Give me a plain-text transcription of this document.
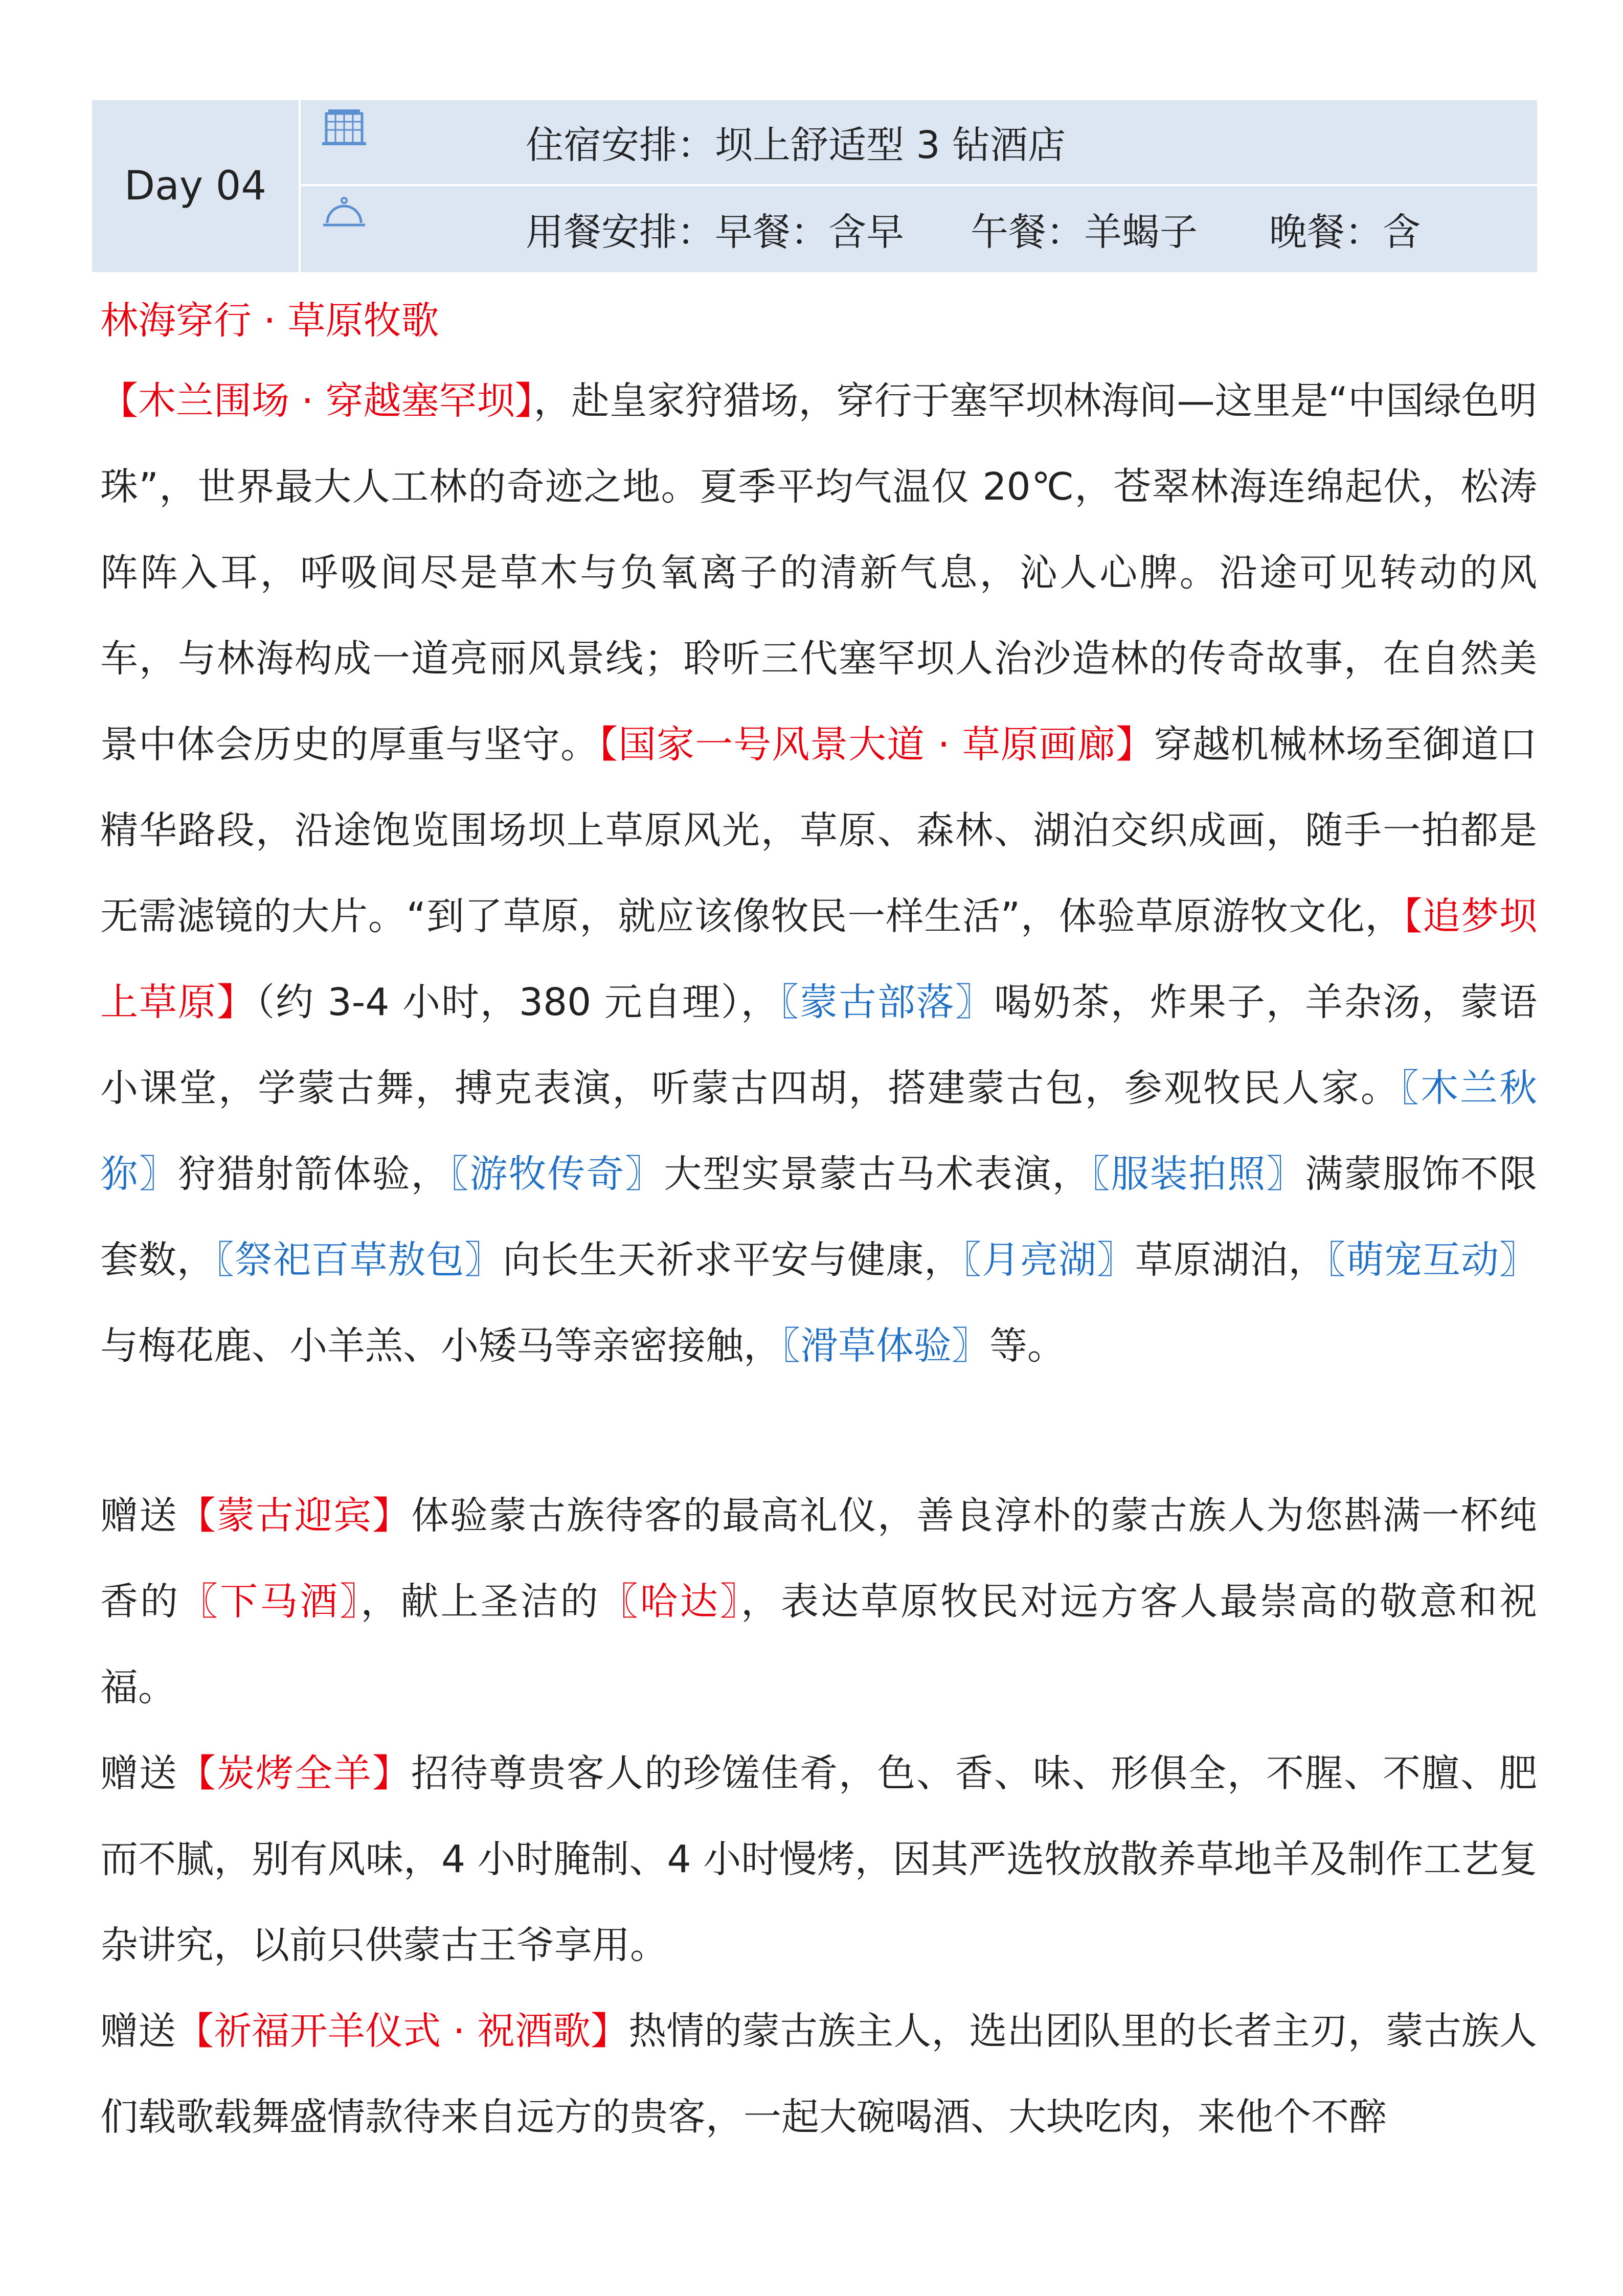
Day 04
住宿安排：坝上舒适型 3 钻酒店
用餐安排：早餐：含早 午餐：羊蝎子 晚餐：含
林海穿行 · 草原牧歌
【木兰围场 · 穿越塞罕坝】，赴皇家狩猎场，穿行于塞罕坝林海间—这里是“中国绿色明珠”，世界最大人工林的奇迹之地。夏季平均气温仅 20℃，苍翠林海连绵起伏，松涛阵阵入耳，呼吸间尽是草木与负氧离子的清新气息，沁人心脾。沿途可见转动的风车，与林海构成一道亮丽风景线；聆听三代塞罕坝人治沙造林的传奇故事，在自然美景中体会历史的厚重与坚守。【国家一号风景大道 · 草原画廊】穿越机械林场至御道口精华路段，沿途饱览围场坝上草原风光，草原、森林、湖泊交织成画，随手一拍都是无需滤镜的大片。“到了草原，就应该像牧民一样生活”，体验草原游牧文化，【追梦坝上草原】（约 3-4 小时，380 元自理），〖蒙古部落〗喝奶茶，炸果子，羊杂汤，蒙语小课堂，学蒙古舞，搏克表演，听蒙古四胡，搭建蒙古包，参观牧民人家。〖木兰秋狝〗狩猎射箭体验，〖游牧传奇〗大型实景蒙古马术表演，〖服装拍照〗满蒙服饰不限套数，〖祭祀百草敖包〗向长生天祈求平安与健康，〖月亮湖〗草原湖泊，〖萌宠互动〗与梅花鹿、小羊羔、小矮马等亲密接触，〖滑草体验〗等。
赠送【蒙古迎宾】体验蒙古族待客的最高礼仪，善良淳朴的蒙古族人为您斟满一杯纯香的〖下马酒〗，献上圣洁的〖哈达〗，表达草原牧民对远方客人最崇高的敬意和祝福。
赠送【炭烤全羊】招待尊贵客人的珍馐佳肴，色、香、味、形俱全，不腥、不膻、肥而不腻，别有风味，4 小时腌制、4 小时慢烤，因其严选牧放散养草地羊及制作工艺复杂讲究，以前只供蒙古王爷享用。
赠送【祈福开羊仪式 · 祝酒歌】热情的蒙古族主人，选出团队里的长者主刃，蒙古族人们载歌载舞盛情款待来自远方的贵客，一起大碗喝酒、大块吃肉，来他个不醉
